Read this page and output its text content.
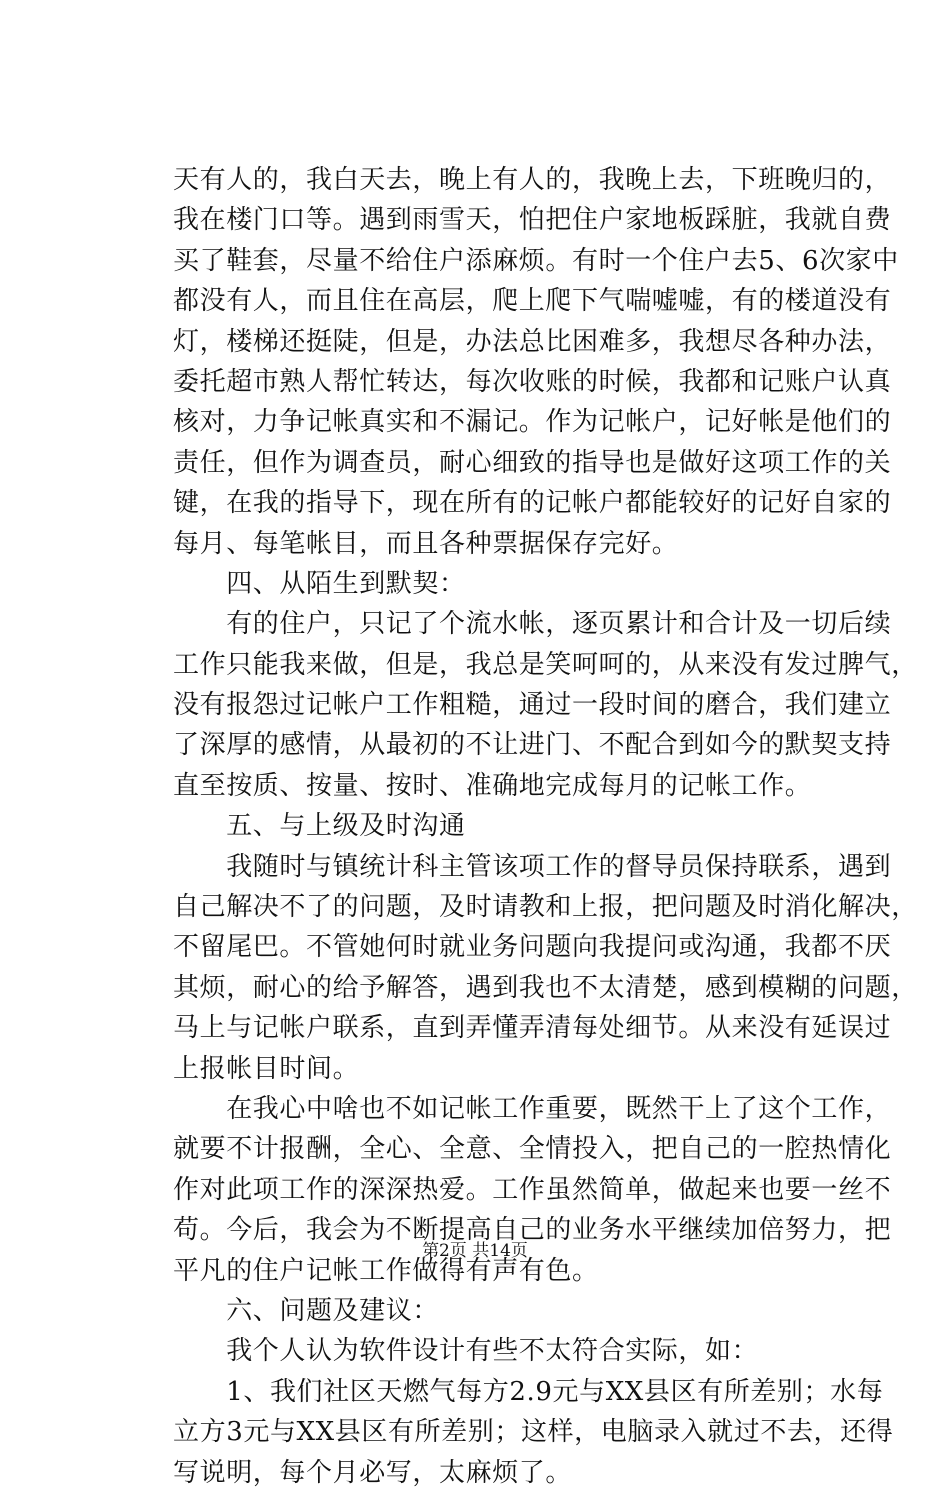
天有人的，我白天去，晚上有人的，我晚上去，下班晚归的，
我在楼门口等。遇到雨雪天，怕把住户家地板踩脏，我就自费
买了鞋套，尽量不给住户添麻烦。有时一个住户去5、6次家中
都没有人，而且住在高层，爬上爬下气喘嘘嘘，有的楼道没有
灯，楼梯还挺陡，但是，办法总比困难多，我想尽各种办法，
委托超市熟人帮忙转达，每次收账的时候，我都和记账户认真
核对，力争记帐真实和不漏记。作为记帐户，记好帐是他们的
责任，但作为调查员，耐心细致的指导也是做好这项工作的关
键，在我的指导下，现在所有的记帐户都能较好的记好自家的
每月、每笔帐目，而且各种票据保存完好。
　　四、从陌生到默契：
　　有的住户，只记了个流水帐，逐页累计和合计及一切后续
工作只能我来做，但是，我总是笑呵呵的，从来没有发过脾气，
没有报怨过记帐户工作粗糙，通过一段时间的磨合，我们建立
了深厚的感情，从最初的不让进门、不配合到如今的默契支持
直至按质、按量、按时、准确地完成每月的记帐工作。
　　五、与上级及时沟通
　　我随时与镇统计科主管该项工作的督导员保持联系，遇到
自己解决不了的问题，及时请教和上报，把问题及时消化解决，
不留尾巴。不管她何时就业务问题向我提问或沟通，我都不厌
其烦，耐心的给予解答，遇到我也不太清楚，感到模糊的问题，
马上与记帐户联系，直到弄懂弄清每处细节。从来没有延误过
上报帐目时间。
　　在我心中啥也不如记帐工作重要，既然干上了这个工作，
就要不计报酬，全心、全意、全情投入，把自己的一腔热情化
作对此项工作的深深热爱。工作虽然简单，做起来也要一丝不
苟。今后，我会为不断提高自己的业务水平继续加倍努力，把
平凡的住户记帐工作做得有声有色。
　　六、问题及建议：
　　我个人认为软件设计有些不太符合实际，如：
　　1、我们社区天燃气每方2.9元与XX县区有所差别；水每
立方3元与XX县区有所差别；这样，电脑录入就过不去，还得
写说明，每个月必写，太麻烦了。
第2页 共14页
